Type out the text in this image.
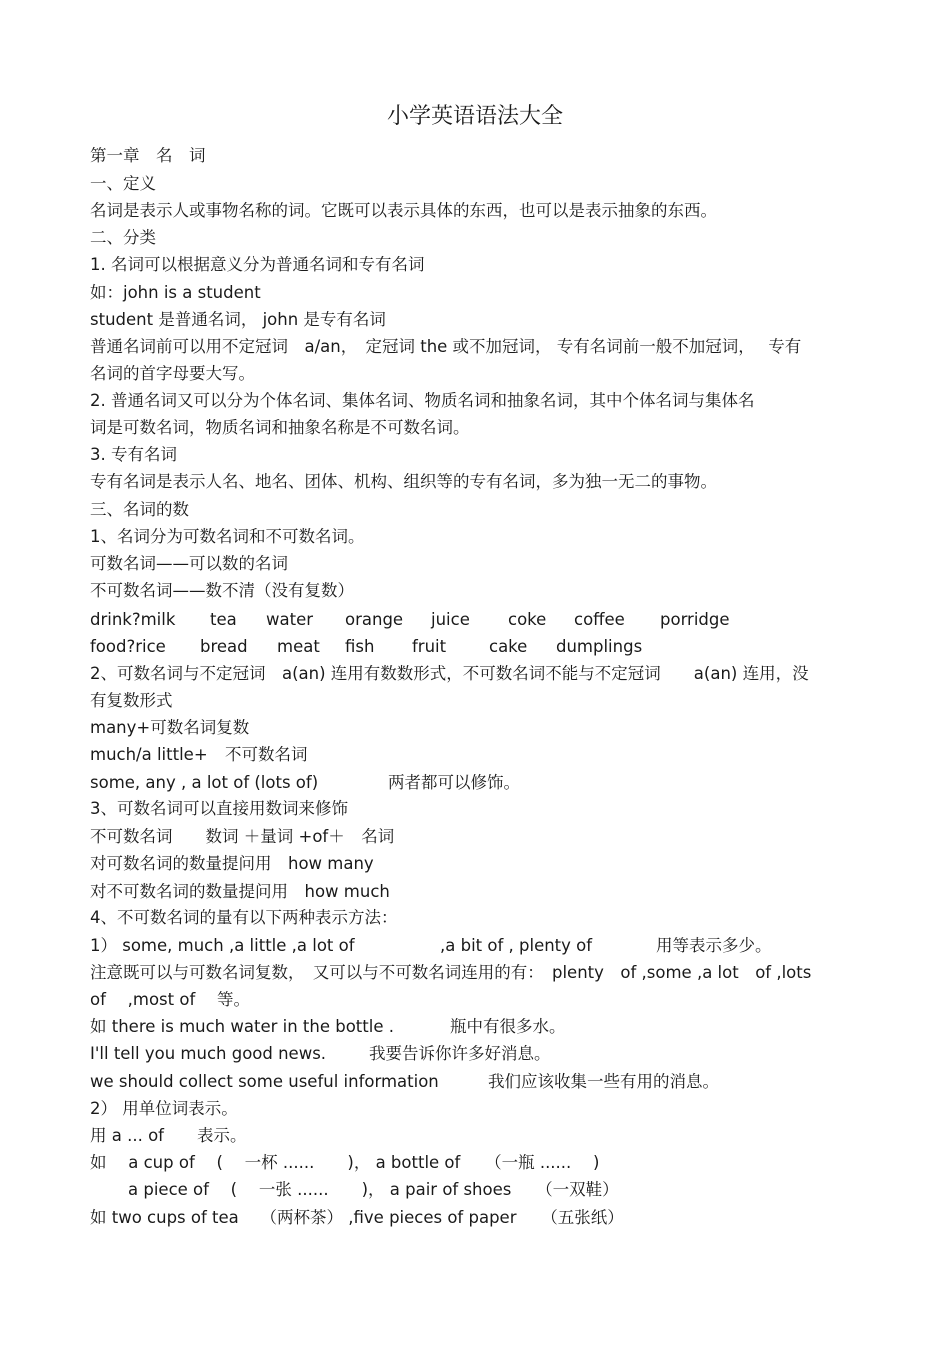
小学英语语法大全
第一章　名　词
一、定义
名词是表示人或事物名称的词。它既可以表示具体的东西，也可以是表示抽象的东西。
二、分类
1. 名词可以根据意义分为普通名词和专有名词
如：john is a student
student 是普通名词， john 是专有名词
普通名词前可以用不定冠词　a/an，　定冠词 the 或不加冠词， 专有名词前一般不加冠词，　 专有
名词的首字母要大写。
2. 普通名词又可以分为个体名词、集体名词、物质名词和抽象名词，其中个体名词与集体名
词是可数名词，物质名词和抽象名称是不可数名词。
3. 专有名词
专有名词是表示人名、地名、团体、机构、组织等的专有名词，多为独一无二的事物。
三、名词的数
1、名词分为可数名词和不可数名词。
可数名词——可以数的名词
不可数名词——数不清（没有复数）
drink?milk tea water orange juice coke coffee porridge
food?rice bread meat fish fruit	cake dumplings
2、可数名词与不定冠词　a(an) 连用有数数形式，不可数名词不能与不定冠词　　a(an) 连用，没
有复数形式
many+可数名词复数
much/a little+ 不可数名词
some, any , a lot of (lots of)	两者都可以修饰。
3、可数名词可以直接用数词来修饰
不可数名词　　数词 ＋量词 +of＋　名词
对可数名词的数量提问用　how many
对不可数名词的数量提问用　how much
4、不可数名词的量有以下两种表示方法：
1） some, much ,a little ,a lot of	,a bit of , plenty of	用等表示多少。
注意既可以与可数名词复数，　又可以与不可数名词连用的有：　plenty　of ,some ,a lot　of ,lots
of　 ,most of　 等。
如 there is much water in the bottle .	瓶中有很多水。
I'll tell you much good news.	我要告诉你许多好消息。
we should collect some useful information	我们应该收集一些有用的消息。
2） 用单位词表示。
用 a ... of　　表示。
如　 a cup of　 (　 一杯 ......　　)， a bottle of　　（一瓶 ......　 )
a piece of　 (　 一张 ......　　)， a pair of shoes　　（一双鞋）
如 two cups of tea　 （两杯茶） ,five pieces of paper　　（五张纸）
